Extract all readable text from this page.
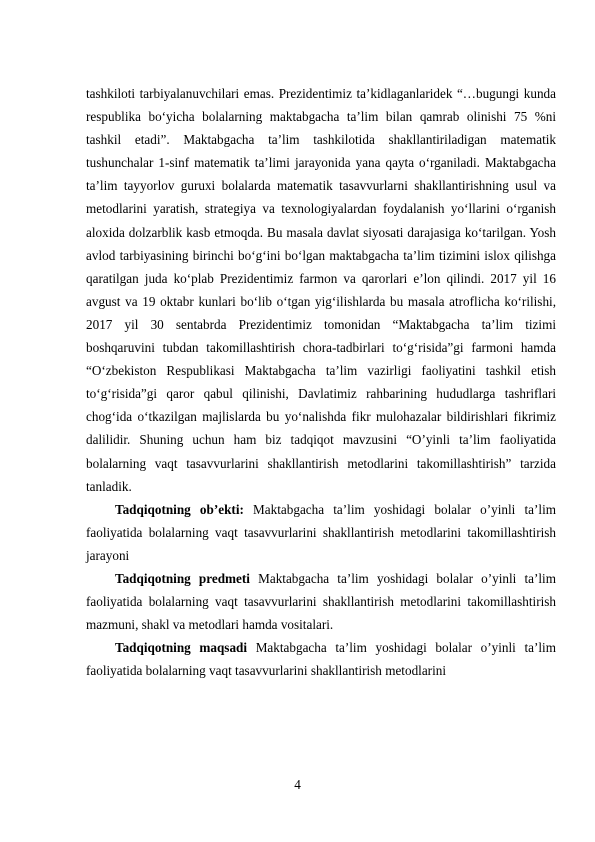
tashkiloti tarbiyalanuvchilari emas. Prezidentimiz ta’kidlaganlaridek “…bugungi kunda respublika bo‘yicha bolalarning maktabgacha ta’lim bilan qamrab olinishi 75 %ni tashkil etadi”. Maktabgacha ta’lim tashkilotida shakllantiriladigan matematik tushunchalar 1-sinf matematik ta’limi jarayonida yana qayta o‘rganiladi. Maktabgacha ta’lim tayyorlov guruxi bolalarda matematik tasavvurlarni shakllantirishning usul va metodlarini yaratish, strategiya va texnologiyalardan foydalanish yo‘llarini o‘rganish aloxida dolzarblik kasb etmoqda. Bu masala davlat siyosati darajasiga ko‘tarilgan. Yosh avlod tarbiyasining birinchi bo‘g‘ini bo‘lgan maktabgacha ta’lim tizimini islox qilishga qaratilgan juda ko‘plab Prezidentimiz farmon va qarorlari e’lon qilindi. 2017 yil 16 avgust va 19 oktabr kunlari bo‘lib o‘tgan yig‘ilishlarda bu masala atroflicha ko‘rilishi, 2017 yil 30 sentabrda Prezidentimiz tomonidan “Maktabgacha ta’lim tizimi boshqaruvini tubdan takomillashtirish chora-tadbirlari to‘g‘risida”gi farmoni hamda “O‘zbekiston Respublikasi Maktabgacha ta’lim vazirligi faoliyatini tashkil etish to‘g‘risida”gi qaror qabul qilinishi, Davlatimiz rahbarining hududlarga tashriflari chog‘ida o‘tkazilgan majlislarda bu yo‘nalishda fikr mulohazalar bildirishlari fikrimiz dalilidir. Shuning uchun ham biz tadqiqot mavzusini “O’yinli ta’lim faoliyatida bolalarning vaqt tasavvurlarini shakllantirish metodlarini takomillashtirish” tarzida tanladik.

Tadqiqotning ob’ekti: Maktabgacha ta’lim yoshidagi bolalar o’yinli ta’lim faoliyatida bolalarning vaqt tasavvurlarini shakllantirish metodlarini takomillashtirish jarayoni

Tadqiqotning predmeti Maktabgacha ta’lim yoshidagi bolalar o’yinli ta’lim faoliyatida bolalarning vaqt tasavvurlarini shakllantirish metodlarini takomillashtirish mazmuni, shakl va metodlari hamda vositalari.

Tadqiqotning maqsadi Maktabgacha ta’lim yoshidagi bolalar o’yinli ta’lim faoliyatida bolalarning vaqt tasavvurlarini shakllantirish metodlarini

4
